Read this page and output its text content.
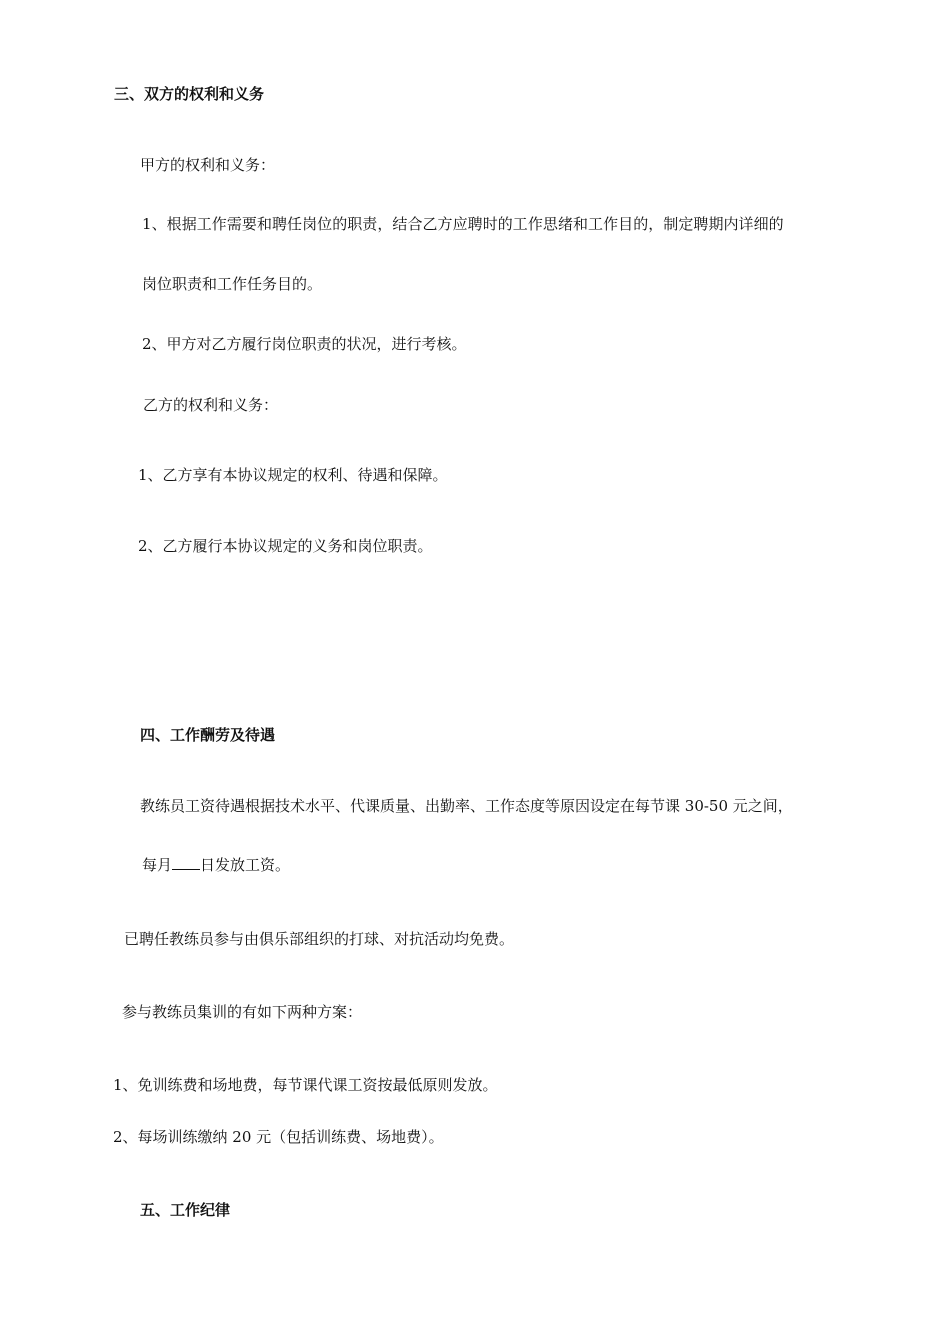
三、双方的权利和义务
甲方的权利和义务：
1、根据工作需要和聘任岗位的职责，结合乙方应聘时的工作思绪和工作目的，制定聘期内详细的
岗位职责和工作任务目的。
2、甲方对乙方履行岗位职责的状况，进行考核。
乙方的权利和义务：
1、乙方享有本协议规定的权利、待遇和保障。
2、乙方履行本协议规定的义务和岗位职责。
四、工作酬劳及待遇
教练员工资待遇根据技术水平、代课质量、出勤率、工作态度等原因设定在每节课 30-50 元之间，
每月 日发放工资。
已聘任教练员参与由俱乐部组织的打球、对抗活动均免费。
参与教练员集训的有如下两种方案：
1、免训练费和场地费，每节课代课工资按最低原则发放。
2、每场训练缴纳 20 元（包括训练费、场地费）。
五、工作纪律
